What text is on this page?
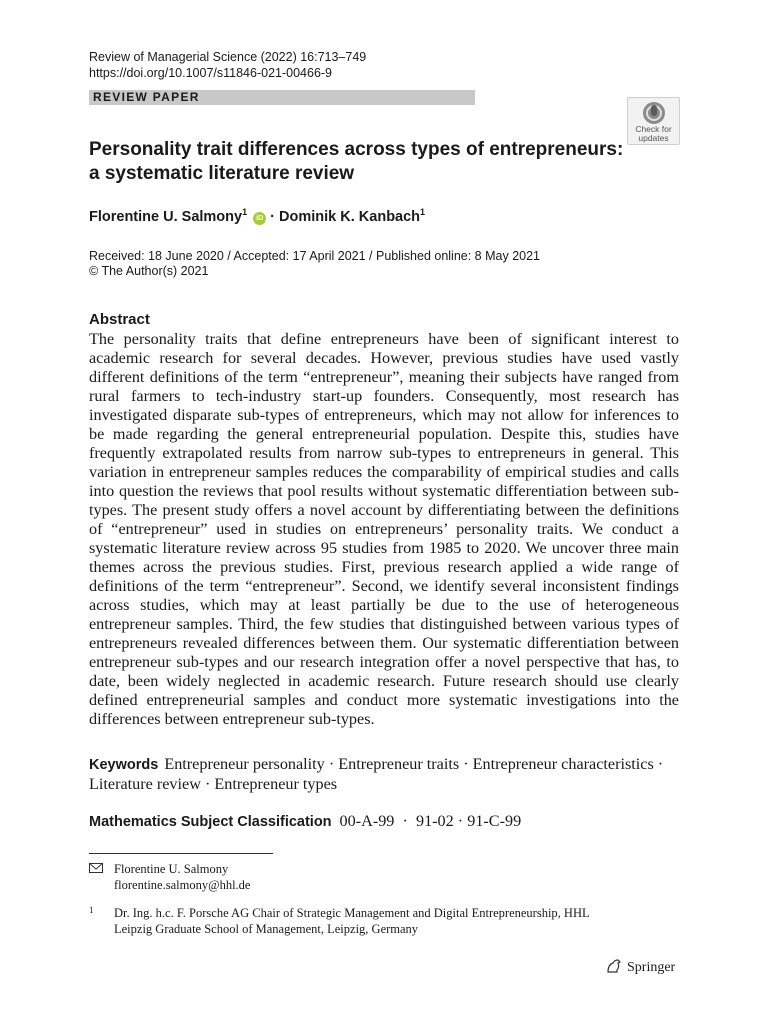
Review of Managerial Science (2022) 16:713–749
https://doi.org/10.1007/s11846-021-00466-9
REVIEW PAPER
Check for
updates
Personality trait differences across types of entrepreneurs:
a systematic literature review
Florentine U. Salmony$^1$ iD · Dominik K. Kanbach$^1$
Received: 18 June 2020 / Accepted: 17 April 2021 / Published online: 8 May 2021
© The Author(s) 2021
Abstract

The personality traits that define entrepreneurs have been of significant interest to academic research for several decades. However, previous studies have used vastly different definitions of the term “entrepreneur”, meaning their subjects have ranged from rural farmers to tech-industry start-up founders. Consequently, most research has investigated disparate sub-types of entrepreneurs, which may not allow for inferences to be made regarding the general entrepreneurial population. Despite this, studies have frequently extrapolated results from narrow sub-types to entrepreneurs in general. This variation in entrepreneur samples reduces the comparability of empirical studies and calls into question the reviews that pool results without systematic differentiation between sub-types. The present study offers a novel account by differentiating between the definitions of “entrepreneur” used in studies on entrepreneurs’ personality traits. We conduct a systematic literature review across 95 studies from 1985 to 2020. We uncover three main themes across the previous studies. First, previous research applied a wide range of definitions of the term “entrepreneur”. Second, we identify several inconsistent findings across studies, which may at least partially be due to the use of heterogeneous entrepreneur samples. Third, the few studies that distinguished between various types of entrepreneurs revealed differences between them. Our systematic differentiation between entrepreneur sub-types and our research integration offer a novel perspective that has, to date, been widely neglected in academic research. Future research should use clearly defined entrepreneurial samples and conduct more systematic investigations into the differences between entrepreneur sub-types.

Keywords Entrepreneur personality · Entrepreneur traits · Entrepreneur characteristics · Literature review · Entrepreneur types
Mathematics Subject Classification 00-A-99  ·  91-02 · 91-C-99
Florentine U. Salmony
florentine.salmony@hhl.de
1 Dr. Ing. h.c. F. Porsche AG Chair of Strategic Management and Digital Entrepreneurship, HHL
Leipzig Graduate School of Management, Leipzig, Germany
Springer
